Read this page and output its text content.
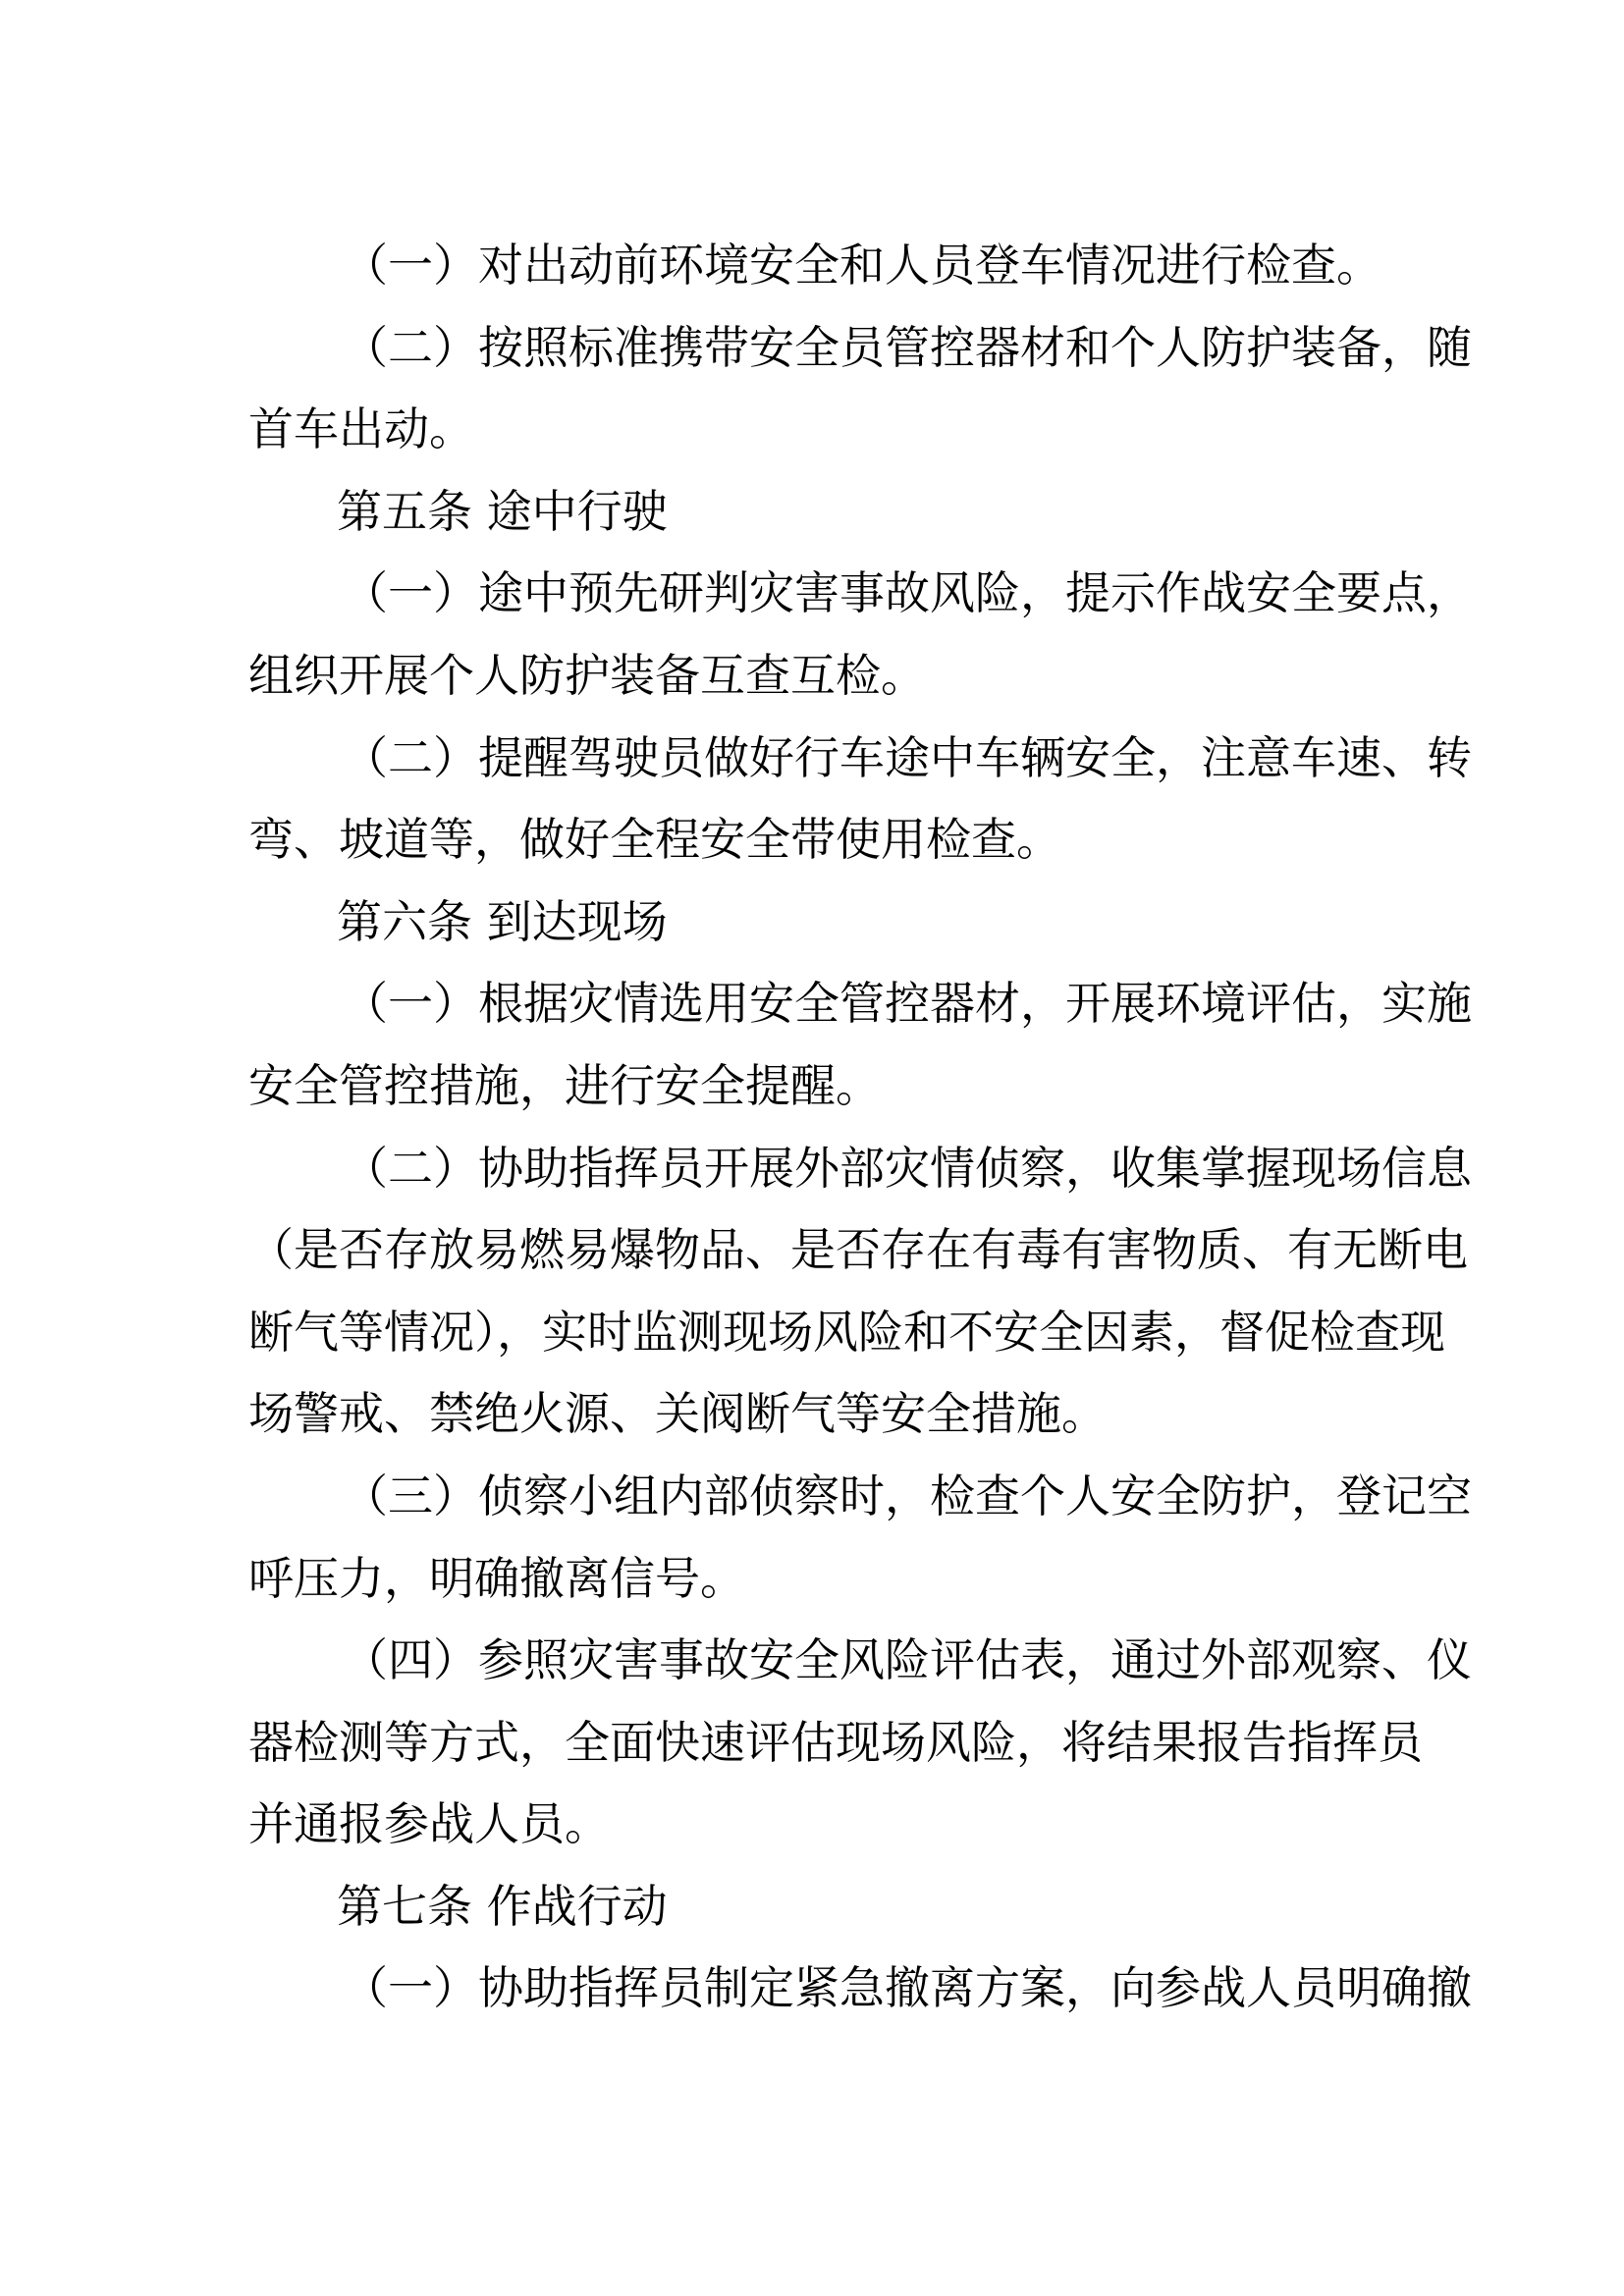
（一）对出动前环境安全和人员登车情况进行检查。
（二）按照标准携带安全员管控器材和个人防护装备，随
首车出动。
第五条 途中行驶
（一）途中预先研判灾害事故风险，提示作战安全要点，
组织开展个人防护装备互查互检。
（二）提醒驾驶员做好行车途中车辆安全，注意车速、转
弯、坡道等，做好全程安全带使用检查。
第六条 到达现场
（一）根据灾情选用安全管控器材，开展环境评估，实施
安全管控措施，进行安全提醒。
（二）协助指挥员开展外部灾情侦察，收集掌握现场信息
（是否存放易燃易爆物品、是否存在有毒有害物质、有无断电
断气等情况），实时监测现场风险和不安全因素，督促检查现
场警戒、禁绝火源、关阀断气等安全措施。
（三）侦察小组内部侦察时，检查个人安全防护，登记空
呼压力，明确撤离信号。
（四）参照灾害事故安全风险评估表，通过外部观察、仪
器检测等方式，全面快速评估现场风险，将结果报告指挥员
并通报参战人员。
第七条 作战行动
（一）协助指挥员制定紧急撤离方案，向参战人员明确撤
